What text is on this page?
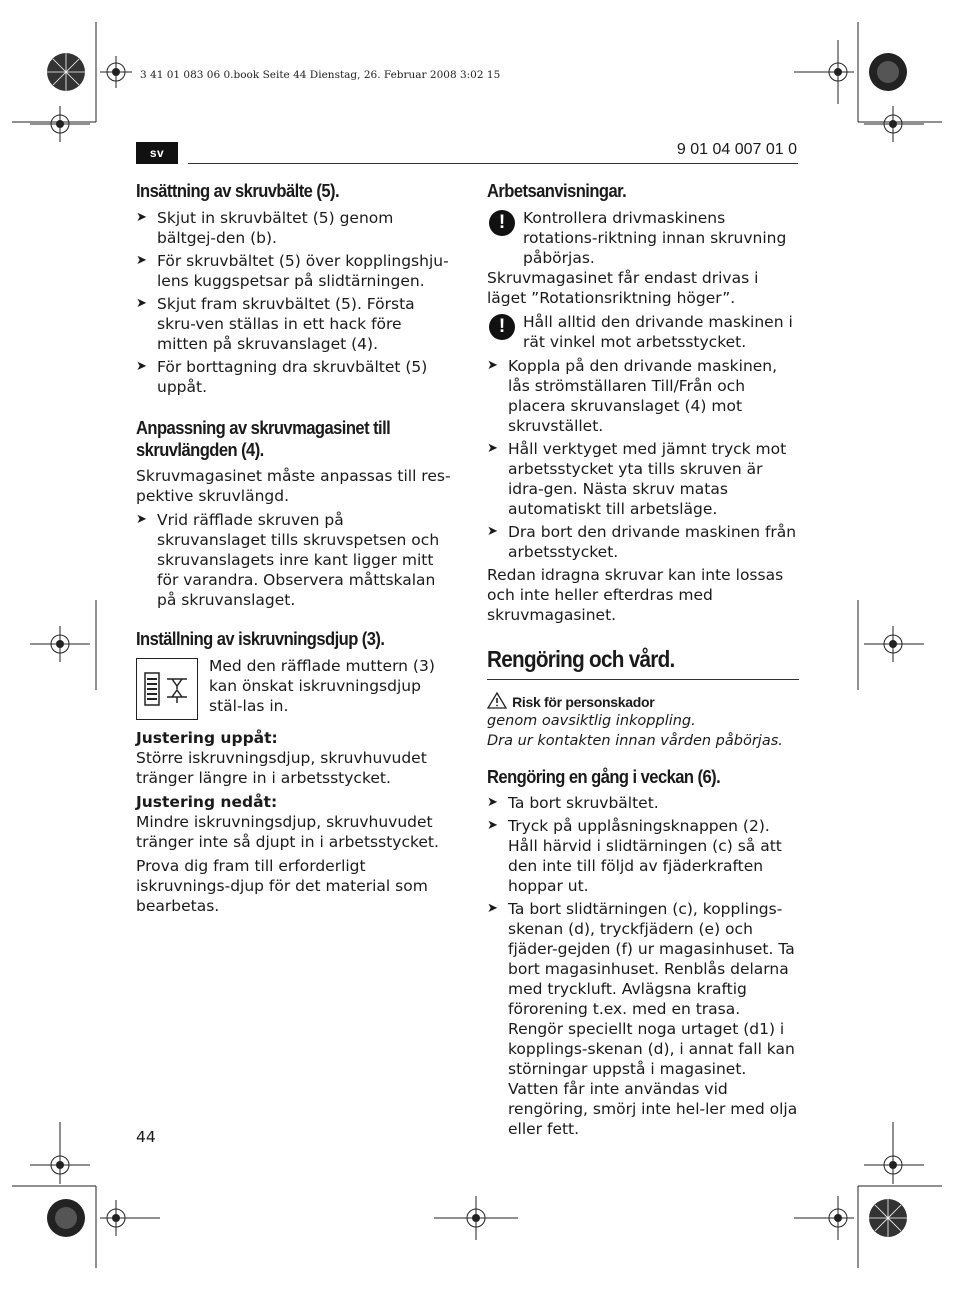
3 41 01 083 06 0.book Seite 44 Dienstag, 26. Februar 2008 3:02 15
sv	9 01 04 007 01 0
Insättning av skruvbälte (5).
➤ Skjut in skruvbältet (5) genom bältgej-den (b).
➤ För skruvbältet (5) över kopplingshju-lens kuggspetsar på slidtärningen.
➤ Skjut fram skruvbältet (5). Första skru-ven ställas in ett hack före mitten på skruvanslaget (4).
➤ För borttagning dra skruvbältet (5) uppåt.
Anpassning av skruvmagasinet till skruvlängden (4).

Skruvmagasinet måste anpassas till res-pektive skruvlängd.

➤ Vrid räfflade skruven på skruvanslaget tills skruvspetsen och skruvanslagets inre kant ligger mitt för varandra. Observera måttskalan på skruvanslaget.
Inställning av iskruvningsdjup (3).

Med den räfflade muttern (3) kan önskat iskruvningsdjup stäl-las in.

Justering uppåt:

Större iskruvningsdjup, skruvhuvudet tränger längre in i arbetsstycket.

Justering nedåt:

Mindre iskruvningsdjup, skruvhuvudet tränger inte så djupt in i arbetsstycket.

Prova dig fram till erforderligt iskruvnings-djup för det material som bearbetas.

Arbetsanvisningar.
!	Kontrollera drivmaskinens rotations-riktning innan skruvning påbörjas.

Skruvmagasinet får endast drivas i läget ”Rotationsriktning höger”.

!	Håll alltid den drivande maskinen i rät vinkel mot arbetsstycket.

➤ Koppla på den drivande maskinen, lås strömställaren Till/Från och placera skruvanslaget (4) mot skruvstället.
➤ Håll verktyget med jämnt tryck mot arbetsstycket yta tills skruven är idra-gen. Nästa skruv matas automatiskt till arbetsläge.
➤ Dra bort den drivande maskinen från arbetsstycket.

Redan idragna skruvar kan inte lossas och inte heller efterdras med skruvmagasinet.

Rengöring och vård.
Risk för personskador
genom oavsiktlig inkoppling.
Dra ur kontakten innan vården påbörjas.
Rengöring en gång i veckan (6).
➤ Ta bort skruvbältet.
➤ Tryck på upplåsningsknappen (2). Håll härvid i slidtärningen (c) så att den inte till följd av fjäderkraften hoppar ut.
➤ Ta bort slidtärningen (c), kopplings-skenan (d), tryckfjädern (e) och fjäder-gejden (f) ur magasinhuset. Ta bort magasinhuset. Renblås delarna med tryckluft. Avlägsna kraftig förorening t.ex. med en trasa. Rengör speciellt noga urtaget (d1) i kopplings-skenan (d), i annat fall kan störningar uppstå i magasinet. Vatten får inte användas vid rengöring, smörj inte hel-ler med olja eller fett.
44
